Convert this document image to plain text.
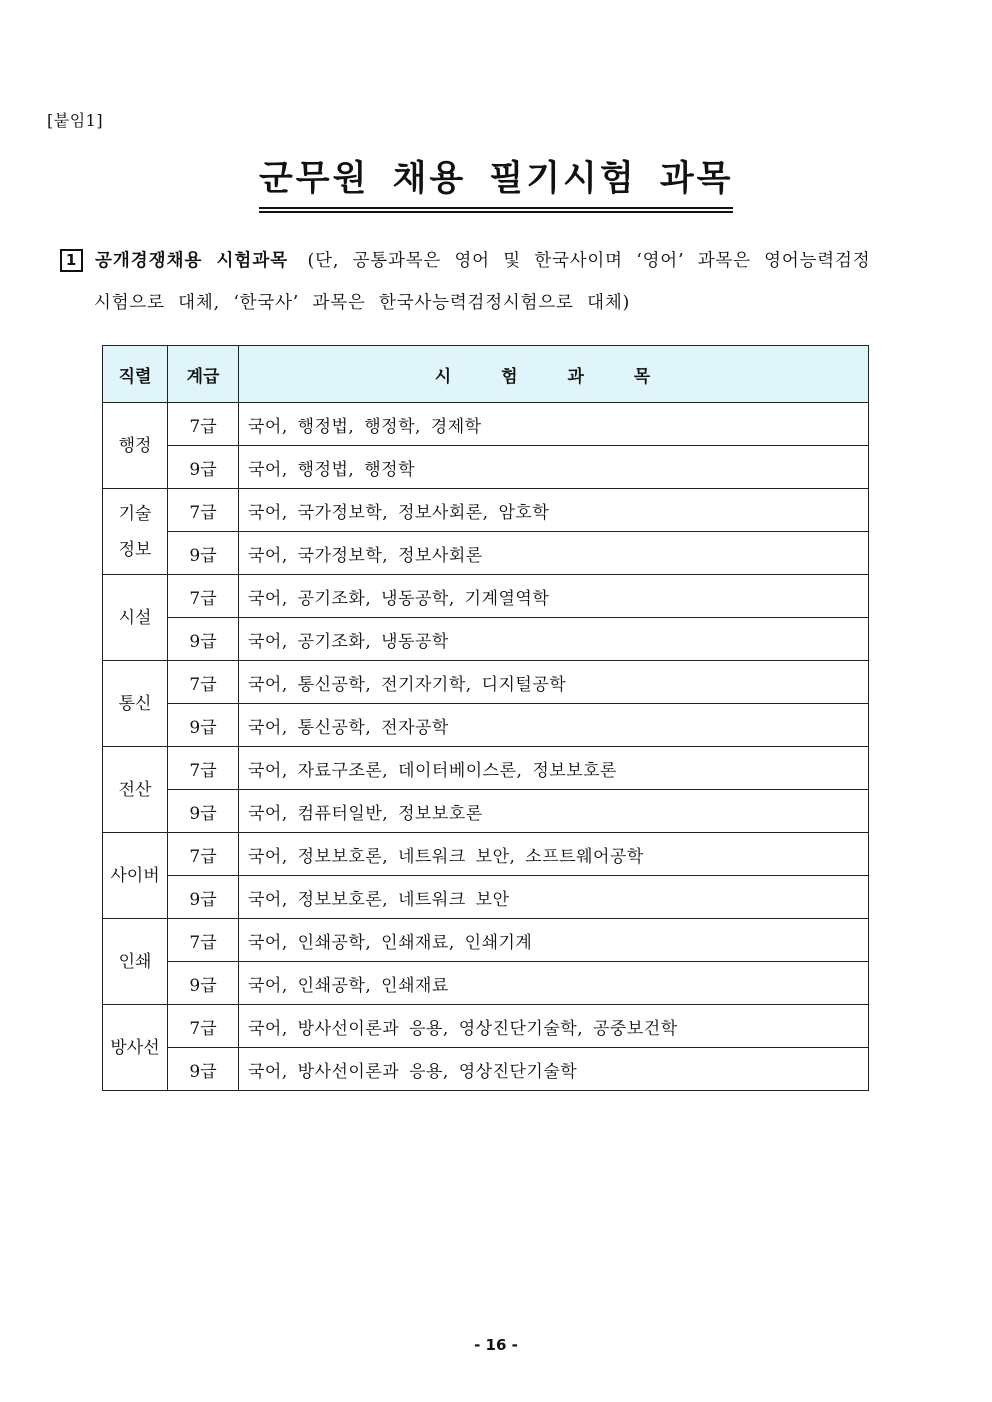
[붙임1]
군무원 채용 필기시험 과목
1 공개경쟁채용 시험과목 (단, 공통과목은 영어 및 한국사이며 ‘영어’ 과목은 영어능력검정
시험으로 대체, ‘한국사’ 과목은 한국사능력검정시험으로 대체)
직렬	계급	시 험 과 목
행정	7급	국어, 행정법, 행정학, 경제학
	9급	국어, 행정법, 행정학
기술
정보	7급	국어, 국가정보학, 정보사회론, 암호학
	9급	국어, 국가정보학, 정보사회론
시설	7급	국어, 공기조화, 냉동공학, 기계열역학
	9급	국어, 공기조화, 냉동공학
통신	7급	국어, 통신공학, 전기자기학, 디지털공학
	9급	국어, 통신공학, 전자공학
전산	7급	국어, 자료구조론, 데이터베이스론, 정보보호론
	9급	국어, 컴퓨터일반, 정보보호론
사이버	7급	국어, 정보보호론, 네트워크 보안, 소프트웨어공학
	9급	국어, 정보보호론, 네트워크 보안
인쇄	7급	국어, 인쇄공학, 인쇄재료, 인쇄기계
	9급	국어, 인쇄공학, 인쇄재료
방사선	7급	국어, 방사선이론과 응용, 영상진단기술학, 공중보건학
	9급	국어, 방사선이론과 응용, 영상진단기술학
- 16 -
